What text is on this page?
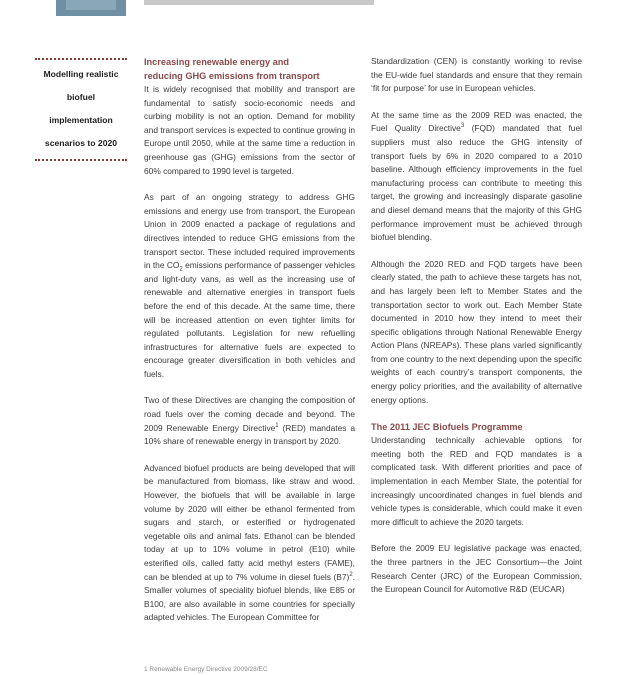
Modelling realistic
biofuel implementation
scenarios to 2020
Increasing renewable energy and
reducing GHG emissions from transport

It is widely recognised that mobility and transport are fundamental to satisfy socio-economic needs and curbing mobility is not an option. Demand for mobility and transport services is expected to continue growing in Europe until 2050, while at the same time a reduction in greenhouse gas (GHG) emissions from the sector of 60% compared to 1990 level is targeted.

As part of an ongoing strategy to address GHG emissions and energy use from transport, the European Union in 2009 enacted a package of regulations and directives intended to reduce GHG emissions from the transport sector. These included required improvements in the $CO_2$ emissions performance of passenger vehicles and light-duty vans, as well as the increasing use of renewable and alternative energies in transport fuels before the end of this decade. At the same time, there will be increased attention on even tighter limits for regulated pollutants. Legislation for new refuelling infrastructures for alternative fuels are expected to encourage greater diversification in both vehicles and fuels.

Two of these Directives are changing the composition of road fuels over the coming decade and beyond. The 2009 Renewable Energy Directive$^1$ (RED) mandates a 10% share of renewable energy in transport by 2020.

Advanced biofuel products are being developed that will be manufactured from biomass, like straw and wood. However, the biofuels that will be available in large volume by 2020 will either be ethanol fermented from sugars and starch, or esterified or hydrogenated vegetable oils and animal fats. Ethanol can be blended today at up to 10% volume in petrol (E10) while esterified oils, called fatty acid methyl esters (FAME), can be blended at up to 7% volume in diesel fuels $(B7)^2$. Smaller volumes of speciality biofuel blends, like E85 or B100, are also available in some countries for specially adapted vehicles. The European Committee for

Standardization (CEN) is constantly working to revise the EU-wide fuel standards and ensure that they remain ‘fit for purpose’ for use in European vehicles.

At the same time as the 2009 RED was enacted, the Fuel Quality Directive$^3$ (FQD) mandated that fuel suppliers must also reduce the GHG intensity of transport fuels by 6% in 2020 compared to a 2010 baseline. Although efficiency improvements in the fuel manufacturing process can contribute to meeting this target, the growing and increasingly disparate gasoline and diesel demand means that the majority of this GHG performance improvement must be achieved through biofuel blending.

Although the 2020 RED and FQD targets have been clearly stated, the path to achieve these targets has not, and has largely been left to Member States and the transportation sector to work out. Each Member State documented in 2010 how they intend to meet their specific obligations through National Renewable Energy Action Plans (NREAPs). These plans varied significantly from one country to the next depending upon the specific weights of each country’s transport components, the energy policy priorities, and the availability of alternative energy options.

The 2011 JEC Biofuels Programme

Understanding technically achievable options for meeting both the RED and FQD mandates is a complicated task. With different priorities and pace of implementation in each Member State, the potential for increasingly uncoordinated changes in fuel blends and vehicle types is considerable, which could make it even more difficult to achieve the 2020 targets.

Before the 2009 EU legislative package was enacted, the three partners in the JEC Consortium—the Joint Research Center (JRC) of the European Commission, the European Council for Automotive R&D (EUCAR)

1 Renewable Energy Directive 2009/28/EC
